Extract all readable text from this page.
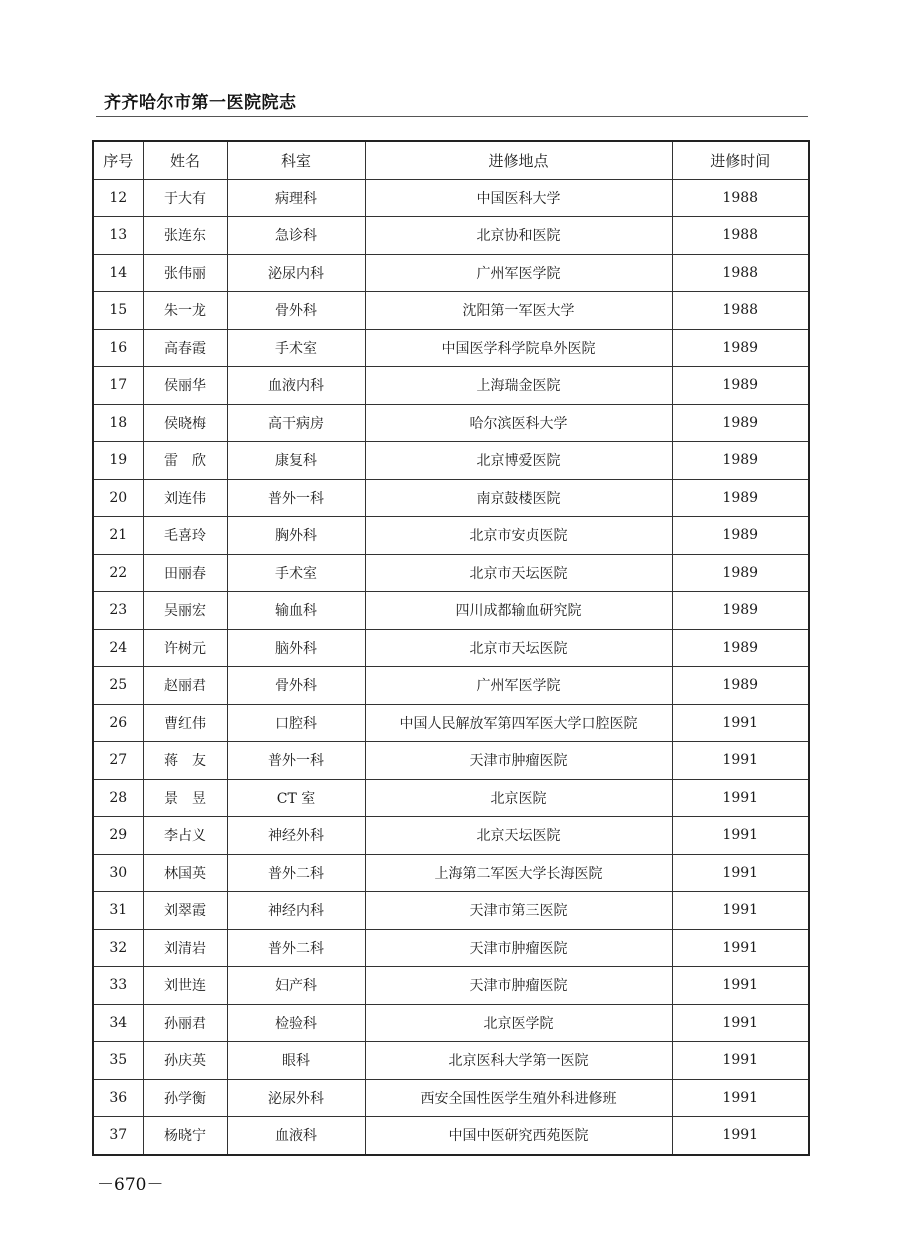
齐齐哈尔市第一医院院志
序号	姓名	科室	进修地点	进修时间
12	于大有	病理科	中国医科大学	1988
13	张连东	急诊科	北京协和医院	1988
14	张伟丽	泌尿内科	广州军医学院	1988
15	朱一龙	骨外科	沈阳第一军医大学	1988
16	高春霞	手术室	中国医学科学院阜外医院	1989
17	侯丽华	血液内科	上海瑞金医院	1989
18	侯晓梅	高干病房	哈尔滨医科大学	1989
19	雷　欣	康复科	北京博爱医院	1989
20	刘连伟	普外一科	南京鼓楼医院	1989
21	毛喜玲	胸外科	北京市安贞医院	1989
22	田丽春	手术室	北京市天坛医院	1989
23	吴丽宏	输血科	四川成都输血研究院	1989
24	许树元	脑外科	北京市天坛医院	1989
25	赵丽君	骨外科	广州军医学院	1989
26	曹红伟	口腔科	中国人民解放军第四军医大学口腔医院	1991
27	蒋　友	普外一科	天津市肿瘤医院	1991
28	景　昱	CT 室	北京医院	1991
29	李占义	神经外科	北京天坛医院	1991
30	林国英	普外二科	上海第二军医大学长海医院	1991
31	刘翠霞	神经内科	天津市第三医院	1991
32	刘清岩	普外二科	天津市肿瘤医院	1991
33	刘世连	妇产科	天津市肿瘤医院	1991
34	孙丽君	检验科	北京医学院	1991
35	孙庆英	眼科	北京医科大学第一医院	1991
36	孙学衡	泌尿外科	西安全国性医学生殖外科进修班	1991
37	杨晓宁	血液科	中国中医研究西苑医院	1991
－670－
